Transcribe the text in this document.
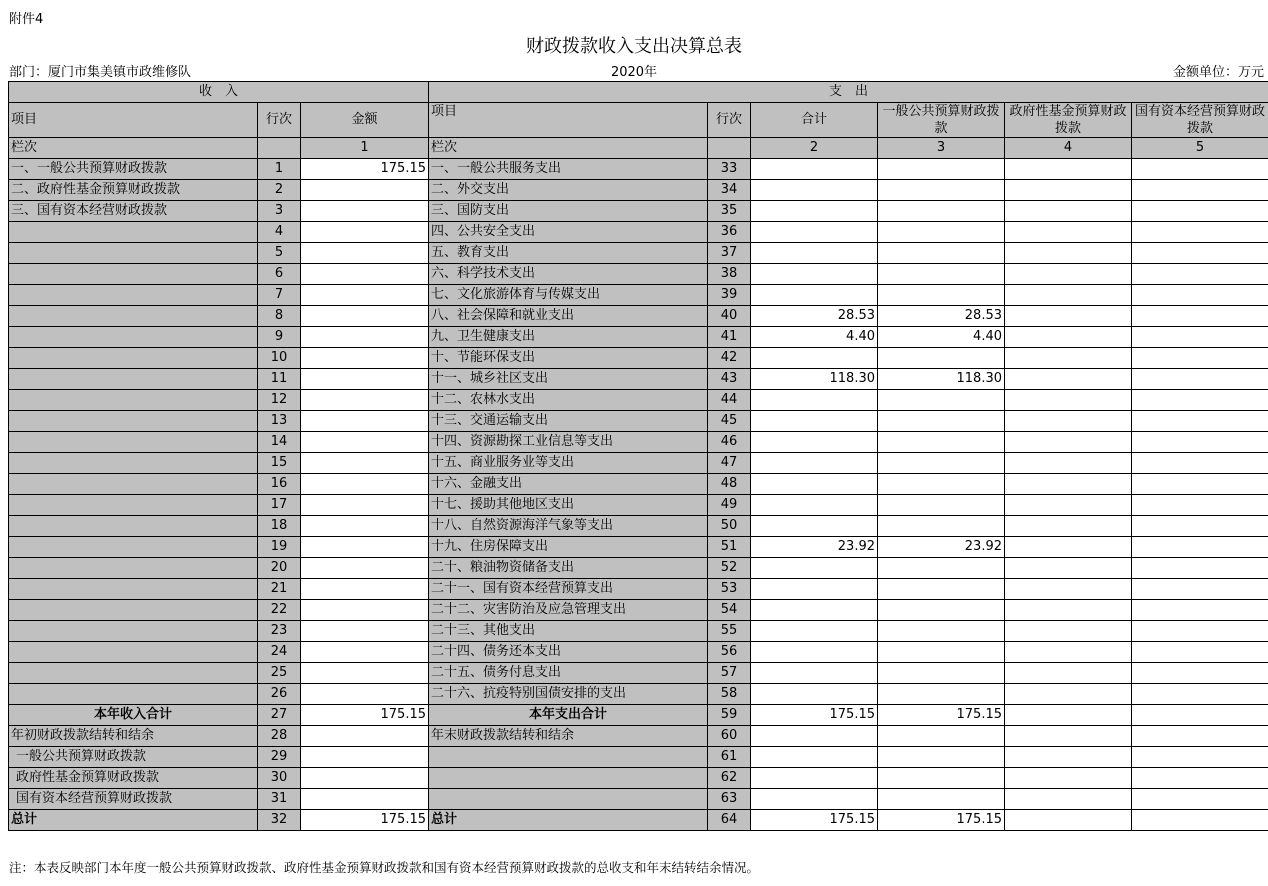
附件4
财政拨款收入支出决算总表
部门：厦门市集美镇市政维修队	2020年	金额单位：万元
收　入			支　出					
项目	行次	金额	项目	行次	合计	一般公共预算财政拨款	政府性基金预算财政拨款	国有资本经营预算财政拨款
栏次		1	栏次		2	3	4	5
一、一般公共预算财政拨款	1	175.15	一、一般公共服务支出	33				
二、政府性基金预算财政拨款	2		二、外交支出	34				
三、国有资本经营财政拨款	3		三、国防支出	35				
	4		四、公共安全支出	36				
	5		五、教育支出	37				
	6		六、科学技术支出	38				
	7		七、文化旅游体育与传媒支出	39				
	8		八、社会保障和就业支出	40	28.53	28.53		
	9		九、卫生健康支出	41	4.40	4.40		
	10		十、节能环保支出	42				
	11		十一、城乡社区支出	43	118.30	118.30		
	12		十二、农林水支出	44				
	13		十三、交通运输支出	45				
	14		十四、资源勘探工业信息等支出	46				
	15		十五、商业服务业等支出	47				
	16		十六、金融支出	48				
	17		十七、援助其他地区支出	49				
	18		十八、自然资源海洋气象等支出	50				
	19		十九、住房保障支出	51	23.92	23.92		
	20		二十、粮油物资储备支出	52				
	21		二十一、国有资本经营预算支出	53				
	22		二十二、灾害防治及应急管理支出	54				
	23		二十三、其他支出	55				
	24		二十四、债务还本支出	56				
	25		二十五、债务付息支出	57				
	26		二十六、抗疫特别国债安排的支出	58				
本年收入合计	27	175.15	本年支出合计	59	175.15	175.15		
年初财政拨款结转和结余	28		年末财政拨款结转和结余	60				
一般公共预算财政拨款	29			61				
政府性基金预算财政拨款	30			62				
国有资本经营预算财政拨款	31			63				
总计	32	175.15	总计	64	175.15	175.15		
注：本表反映部门本年度一般公共预算财政拨款、政府性基金预算财政拨款和国有资本经营预算财政拨款的总收支和年末结转结余情况。
